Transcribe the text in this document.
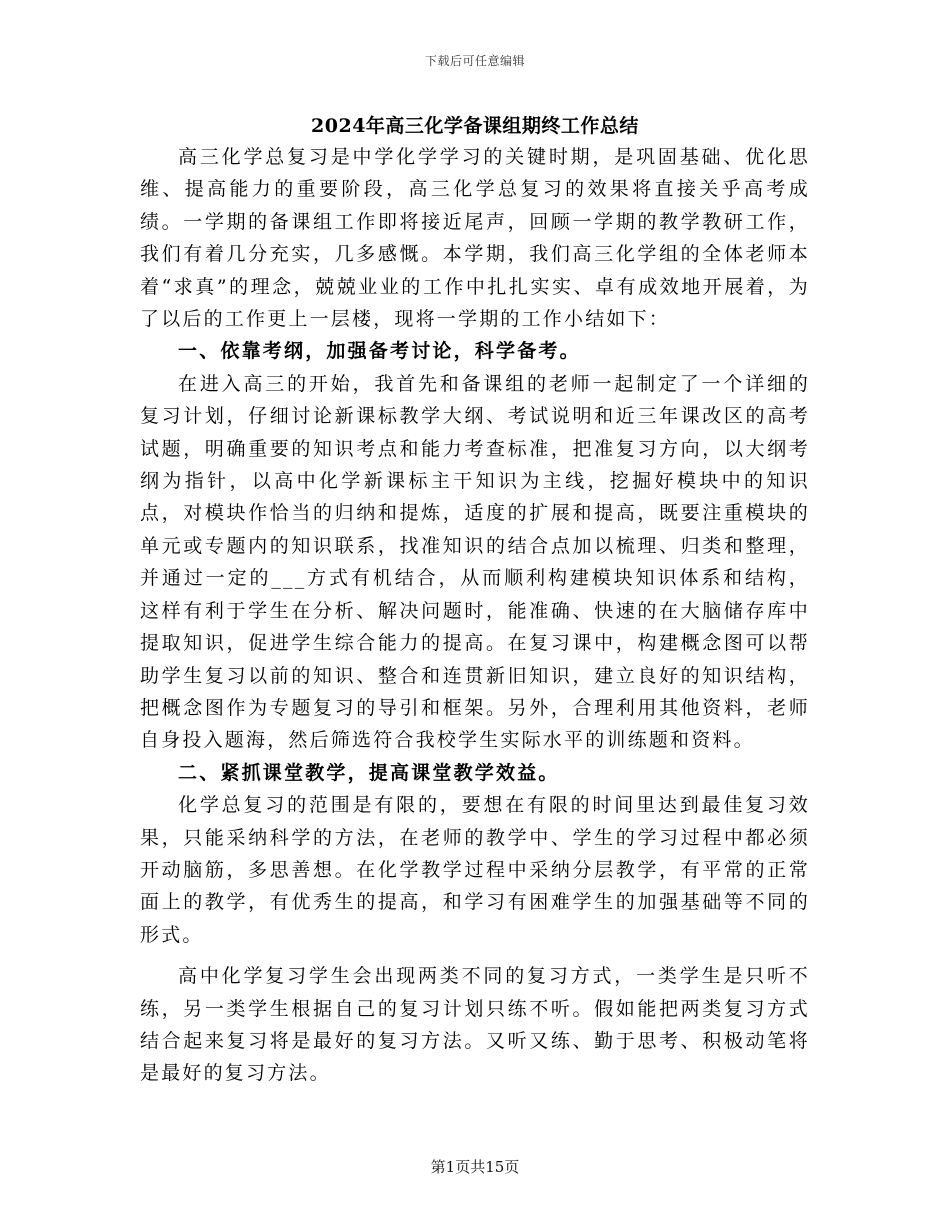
下载后可任意编辑
2024年高三化学备课组期终工作总结

高三化学总复习是中学化学学习的关键时期，是巩固基础、优化思维、提高能力的重要阶段，高三化学总复习的效果将直接关乎高考成绩。一学期的备课组工作即将接近尾声，回顾一学期的教学教研工作，我们有着几分充实，几多感慨。本学期，我们高三化学组的全体老师本着“求真”的理念，兢兢业业的工作中扎扎实实、卓有成效地开展着，为了以后的工作更上一层楼，现将一学期的工作小结如下：

一、依靠考纲，加强备考讨论，科学备考。

在进入高三的开始，我首先和备课组的老师一起制定了一个详细的复习计划，仔细讨论新课标教学大纲、考试说明和近三年课改区的高考试题，明确重要的知识考点和能力考查标准，把准复习方向，以大纲考纲为指针，以高中化学新课标主干知识为主线，挖掘好模块中的知识点，对模块作恰当的归纳和提炼，适度的扩展和提高，既要注重模块的单元或专题内的知识联系，找准知识的结合点加以梳理、归类和整理，并通过一定的___方式有机结合，从而顺利构建模块知识体系和结构，这样有利于学生在分析、解决问题时，能准确、快速的在大脑储存库中提取知识，促进学生综合能力的提高。在复习课中，构建概念图可以帮助学生复习以前的知识、整合和连贯新旧知识，建立良好的知识结构，把概念图作为专题复习的导引和框架。另外，合理利用其他资料，老师自身投入题海，然后筛选符合我校学生实际水平的训练题和资料。

二、紧抓课堂教学，提高课堂教学效益。

化学总复习的范围是有限的，要想在有限的时间里达到最佳复习效果，只能采纳科学的方法，在老师的教学中、学生的学习过程中都必须开动脑筋，多思善想。在化学教学过程中采纳分层教学，有平常的正常面上的教学，有优秀生的提高，和学习有困难学生的加强基础等不同的形式。

高中化学复习学生会出现两类不同的复习方式，一类学生是只听不练，另一类学生根据自己的复习计划只练不听。假如能把两类复习方式结合起来复习将是最好的复习方法。又听又练、勤于思考、积极动笔将是最好的复习方法。

第1页共15页
